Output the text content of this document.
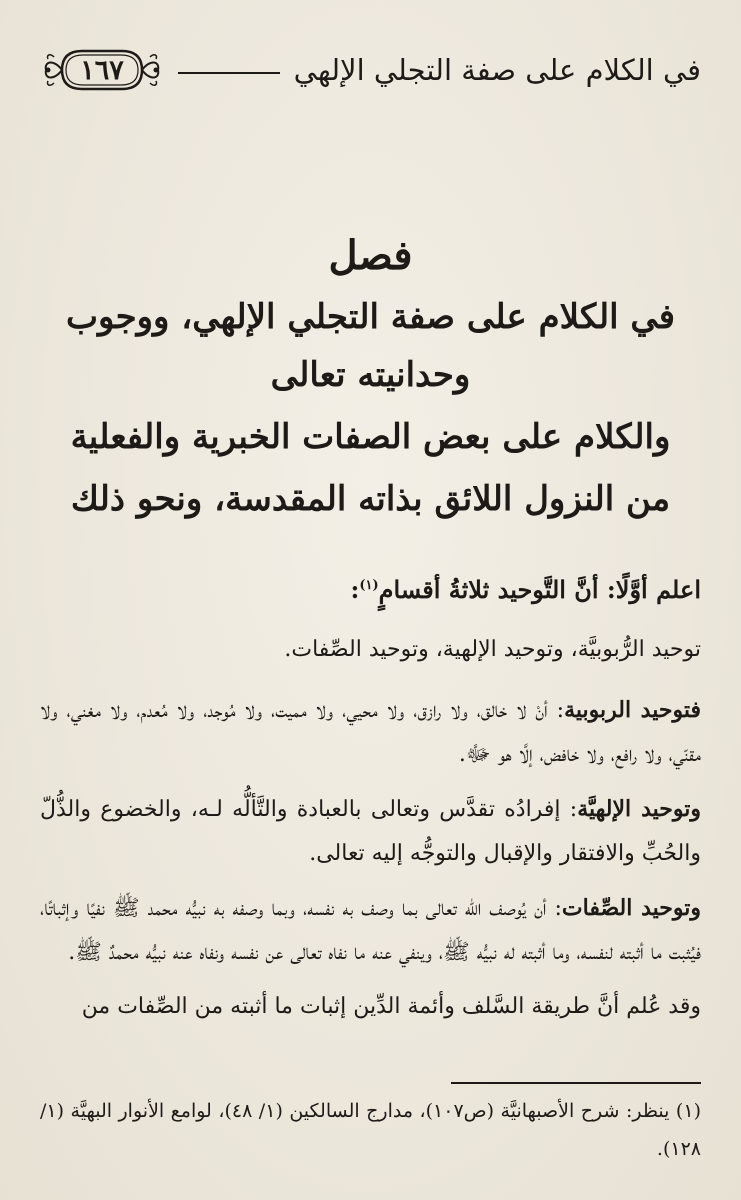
في الكلام على صفة التجلي الإلهي
١٦٧
فصل
في الكلام على صفة التجلي الإلهي، ووجوب وحدانيته تعالى
والكلام على بعض الصفات الخبرية والفعلية
من النزول اللائق بذاته المقدسة، ونحو ذلك
اعلم أوَّلًا: أنَّ التَّوحيد ثلاثةُ أقسامٍ$^{(١)}$:
توحيد الرُّبوبيَّة، وتوحيد الإلهية، وتوحيد الصِّفات.
فتوحيد الربوبية: أنْ لا خالق، ولا رازق، ولا محيي، ولا مميت، ولا مُوجد، ولا مُعدم، ولا مغني، ولا مقنّي، ولا رافع، ولا خافض، إلَّا هو ﷻ.
وتوحيد الإلهيَّة: إفرادُه تقدَّس وتعالى بالعبادة والتَّألُّه لـه، والخضوع والذُّلّ والحُبِّ والافتقار والإقبال والتوجُّه إليه تعالى.
وتوحيد الصِّفات: أن يُوصف الله تعالى بما وصف به نفسه، وبما وصفه به نبيُّه محمد ﷺ نفيًا وإثباتًا، فيُثبت ما أثبته لنفسه، وما أثبته له نبيُّه ﷺ، وينفي عنه ما نفاه تعالى عن نفسه ونفاه عنه نبيُّه محمدٌ ﷺ.
وقد عُلم أنَّ طريقة السَّلف وأئمة الدِّين إثبات ما أثبته من الصِّفات من
(١) ينظر: شرح الأصبهانيَّة (ص١٠٧)، مدارج السالكين (١/ ٤٨)، لوامع الأنوار البهيَّة (١/ ١٢٨).
